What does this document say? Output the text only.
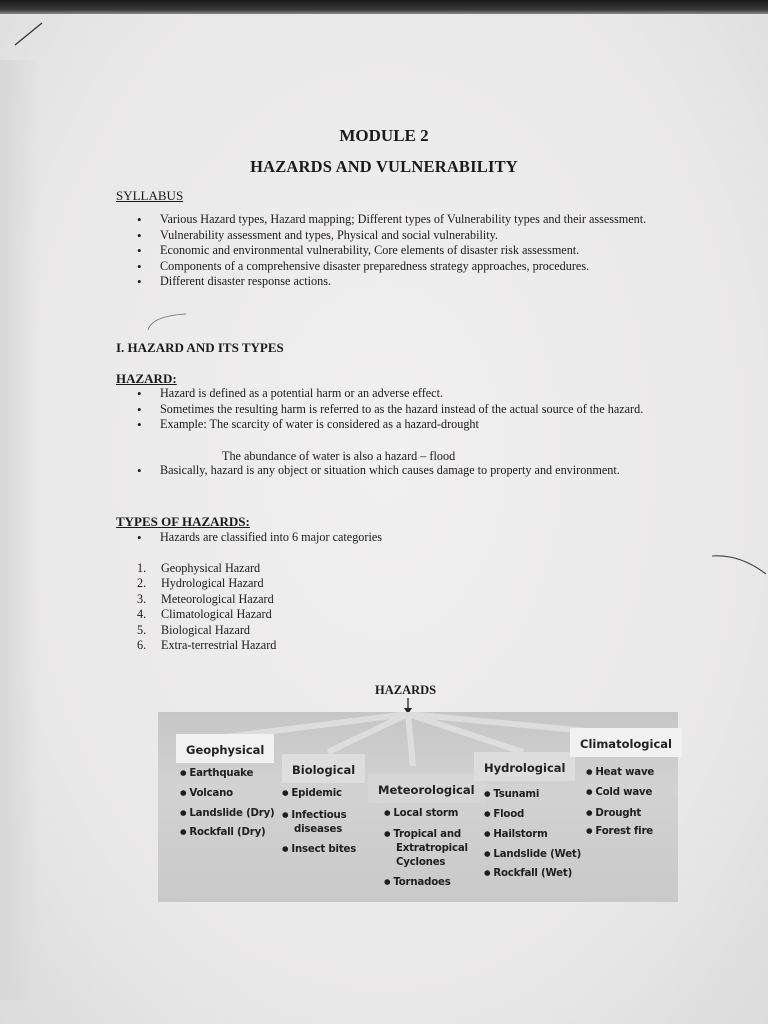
MODULE 2
HAZARDS AND VULNERABILITY
SYLLABUS
• Various Hazard types, Hazard mapping; Different types of Vulnerability types and their assessment.
• Vulnerability assessment and types, Physical and social vulnerability.
• Economic and environmental vulnerability, Core elements of disaster risk assessment.
• Components of a comprehensive disaster preparedness strategy approaches, procedures.
• Different disaster response actions.
I. HAZARD AND ITS TYPES
HAZARD:
• Hazard is defined as a potential harm or an adverse effect.
• Sometimes the resulting harm is referred to as the hazard instead of the actual source of the hazard.
• Example: The scarcity of water is considered as a hazard-drought
The abundance of water is also a hazard – flood
• Basically, hazard is any object or situation which causes damage to property and environment.
TYPES OF HAZARDS:
• Hazards are classified into 6 major categories
1. Geophysical Hazard
2. Hydrological Hazard
3. Meteorological Hazard
4. Climatological Hazard
5. Biological Hazard
6. Extra-terrestrial Hazard
HAZARDS
Geophysical
● Earthquake
● Volcano
● Landslide (Dry)
● Rockfall (Dry)
Biological
● Epidemic
● Infectious
diseases
● Insect bites
Meteorological
● Local storm
● Tropical and
Extratropical
Cyclones
● Tornadoes
Hydrological
● Tsunami
● Flood
● Hailstorm
● Landslide (Wet)
● Rockfall (Wet)
Climatological
● Heat wave
● Cold wave
● Drought
● Forest fire
